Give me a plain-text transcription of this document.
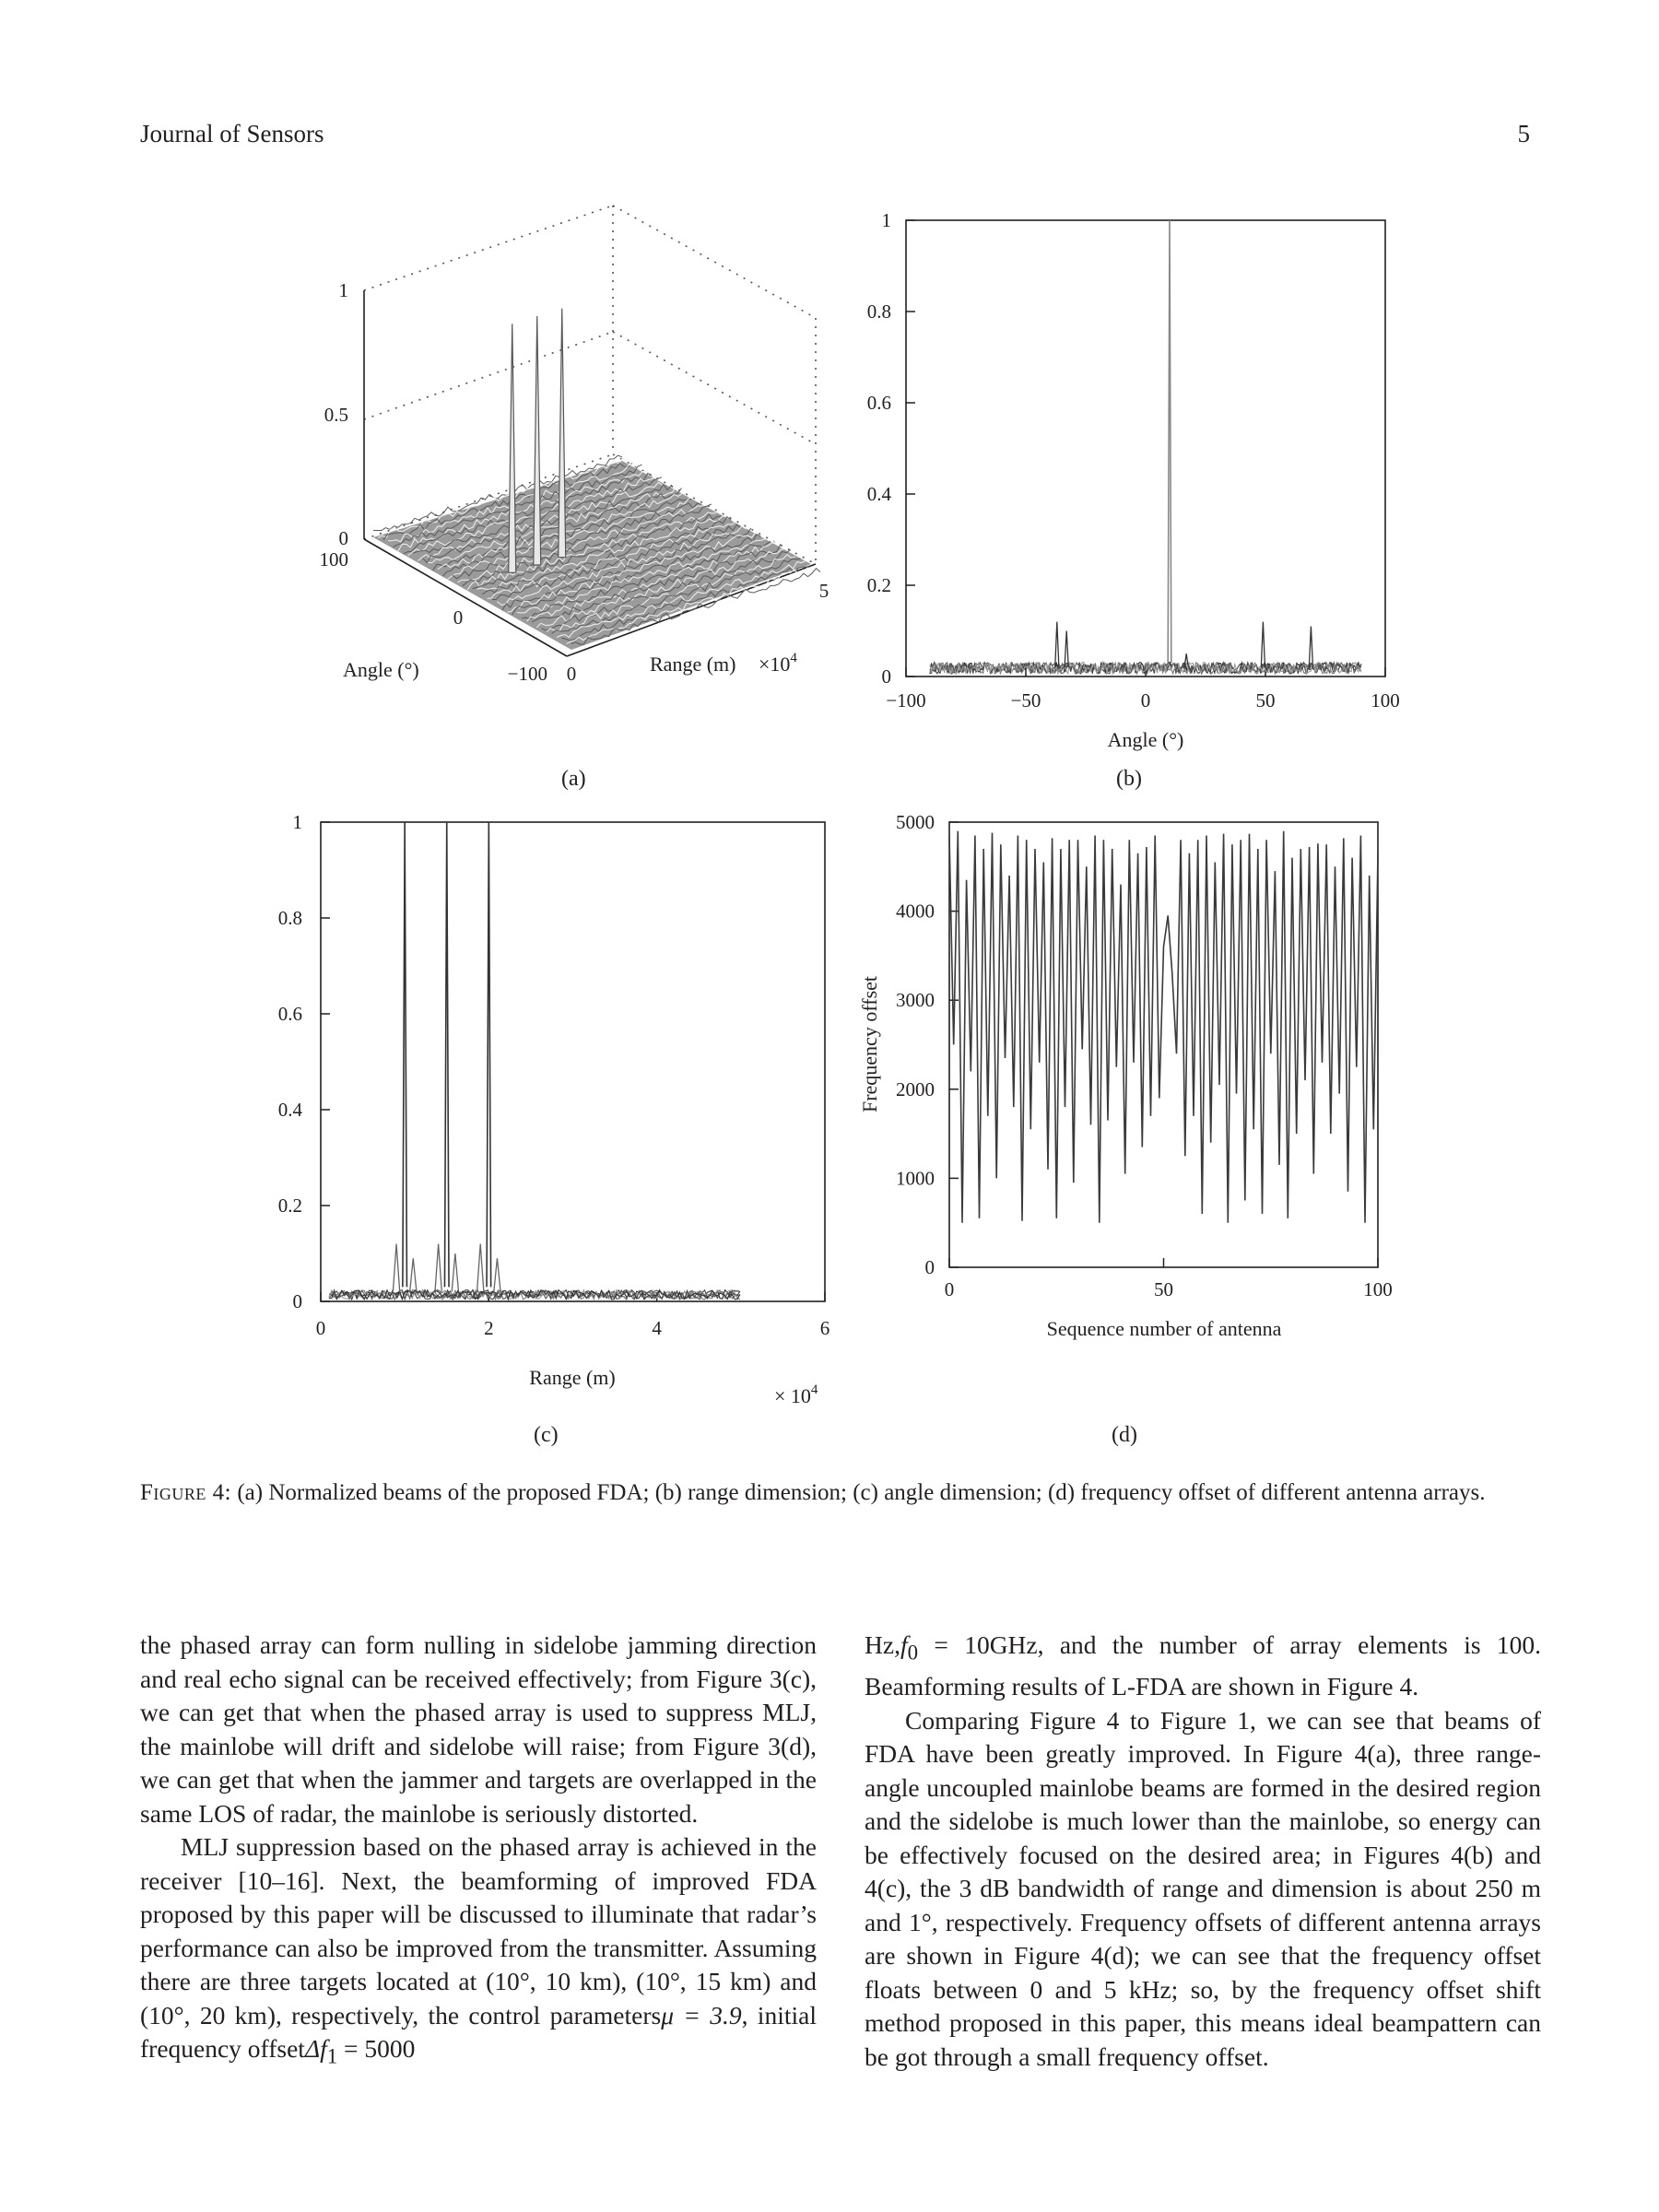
Journal of Sensors	5
1
0.5
0
100
0
−100 0
5
Angle (°)	Range $(m) \times 10^4$
1
0.8
0.6
0.4
0.2
0
−100	−50	0	50	100
Angle (°)
1
0.8
0.6
0.4
0.2
0
0	2	4	6
Range (m)
× $10^4$
5000
4000
3000
2000
1000
0
0	50	100
Sequence number of antenna
Frequency offset
(a)	(b)
(c)	(d)
Figure 4: (a) Normalized beams of the proposed FDA; (b) range dimension; (c) angle dimension; (d) frequency offset of different antenna arrays.

the phased array can form nulling in sidelobe jamming direction and real echo signal can be received effectively; from Figure 3(c), we can get that when the phased array is used to suppress MLJ, the mainlobe will drift and sidelobe will raise; from Figure 3(d), we can get that when the jammer and targets are overlapped in the same LOS of radar, the mainlobe is seriously distorted.

MLJ suppression based on the phased array is achieved in the receiver [10–16]. Next, the beamforming of improved FDA proposed by this paper will be discussed to illuminate that radar’s performance can also be improved from the transmitter. Assuming there are three targets located at (10°, 10 km), (10°, 15 km) and (10°, 20 km), respectively, the control parametersμ = 3.9, initial frequency offsetΔf$_1$ = 5000

$Hz,f_0 = 10GHz$, and the number of array elements is 100. Beamforming results of L-FDA are shown in Figure 4.

Comparing Figure 4 to Figure 1, we can see that beams of FDA have been greatly improved. In Figure 4(a), three range-angle uncoupled mainlobe beams are formed in the desired region and the sidelobe is much lower than the mainlobe, so energy can be effectively focused on the desired area; in Figures 4(b) and 4(c), the 3 dB bandwidth of range and dimension is about 250 m and 1°, respectively. Frequency offsets of different antenna arrays are shown in Figure 4(d); we can see that the frequency offset floats between 0 and 5 kHz; so, by the frequency offset shift method proposed in this paper, this means ideal beampattern can be got through a small frequency offset.
